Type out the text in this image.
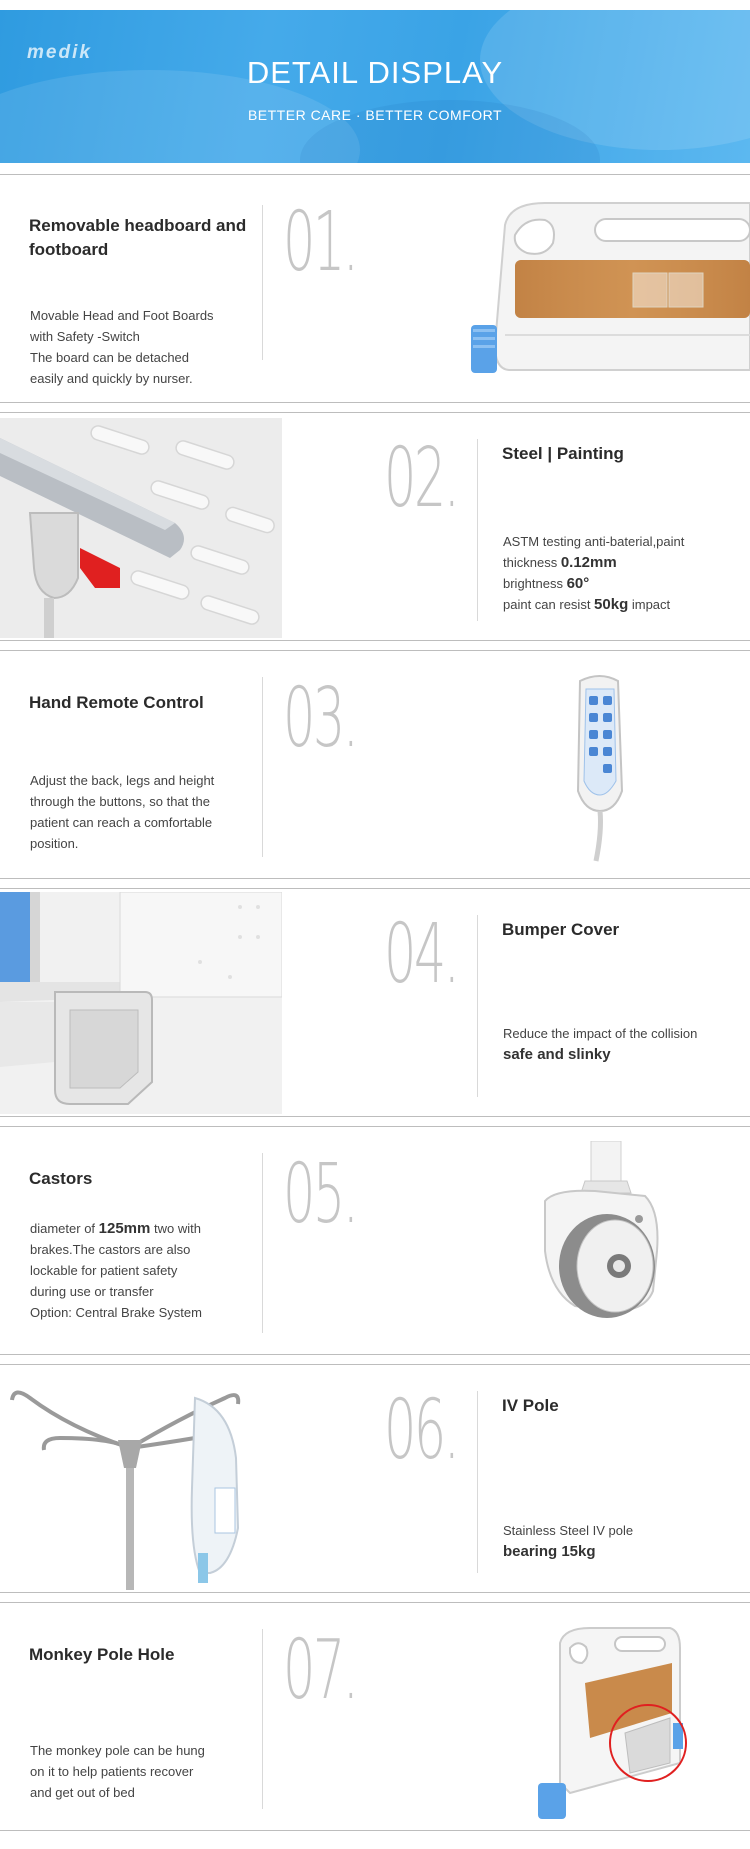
medik
DETAIL DISPLAY
BETTER CARE · BETTER COMFORT
Removable headboard and footboard
Movable Head and Foot Boards
with Safety -Switch
The board can be detached
easily and quickly by nurser.
01.
02.	Steel | Painting
ASTM testing anti-baterial,paint
thickness 0.12mm
brightness 60°
paint can resist 50kg impact
Hand Remote Control
Adjust the back, legs and height
through the buttons, so that the
patient can reach a comfortable
position.
03.
04.	Bumper Cover
Reduce the impact of the collision
safe and slinky
Castors
diameter of 125mm two with
brakes.The castors are also
lockable for patient safety
during use or transfer
Option: Central Brake System
05.
06.	IV Pole
Stainless Steel IV pole
bearing 15kg
Monkey Pole Hole
The monkey pole can be hung
on it to help patients recover
and get out of bed
07.
